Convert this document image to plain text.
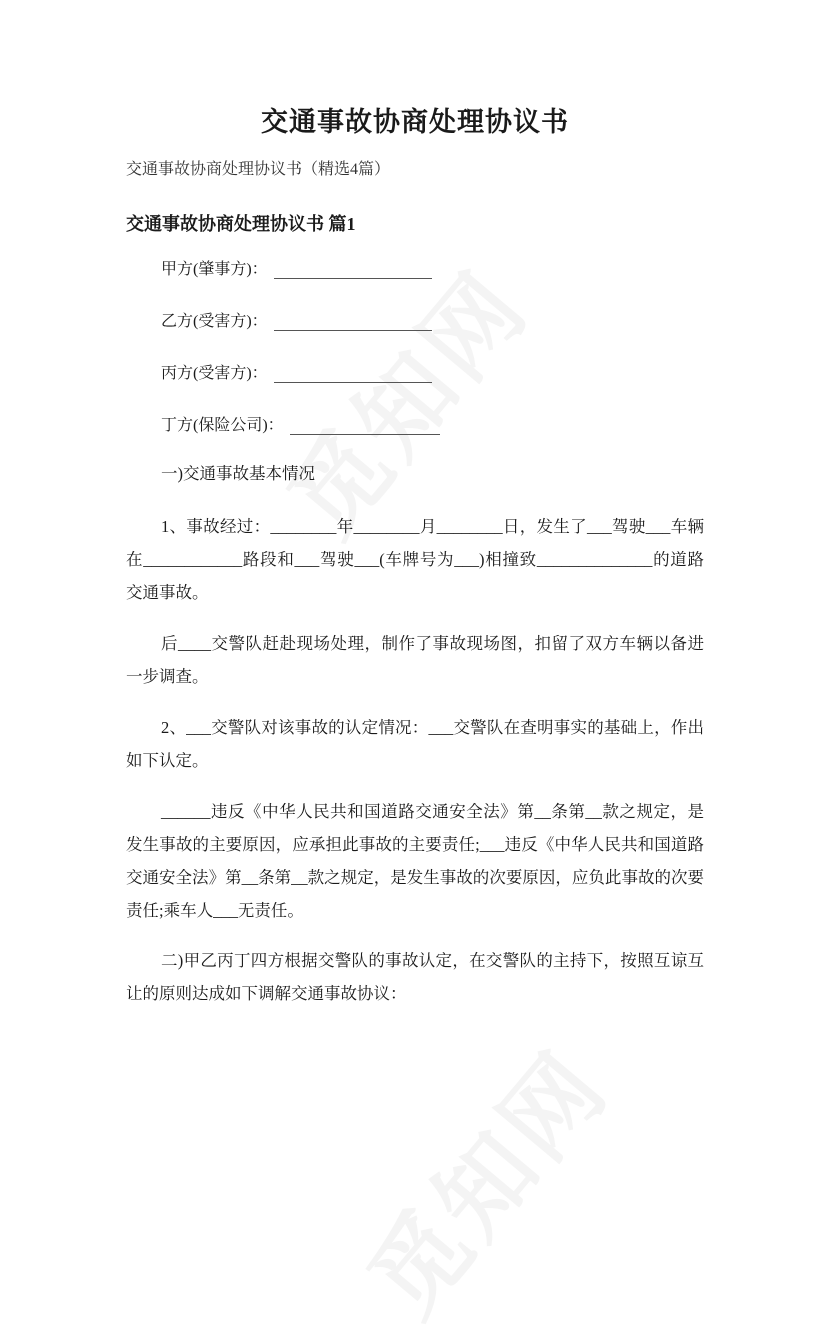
交通事故协商处理协议书
交通事故协商处理协议书（精选4篇）
交通事故协商处理协议书 篇1
甲方(肇事方)：
乙方(受害方)：
丙方(受害方)：
丁方(保险公司)：
一)交通事故基本情况
1、事故经过：________年________月________日，发生了___驾驶___车辆在____________路段和___驾驶___(车牌号为___)相撞致______________的道路交通事故。
后____交警队赶赴现场处理，制作了事故现场图，扣留了双方车辆以备进一步调查。
2、___交警队对该事故的认定情况：___交警队在查明事实的基础上，作出如下认定。
______违反《中华人民共和国道路交通安全法》第__条第__款之规定，是发生事故的主要原因，应承担此事故的主要责任;___违反《中华人民共和国道路交通安全法》第__条第__款之规定，是发生事故的次要原因，应负此事故的次要责任;乘车人___无责任。
二)甲乙丙丁四方根据交警队的事故认定，在交警队的主持下，按照互谅互让的原则达成如下调解交通事故协议：
